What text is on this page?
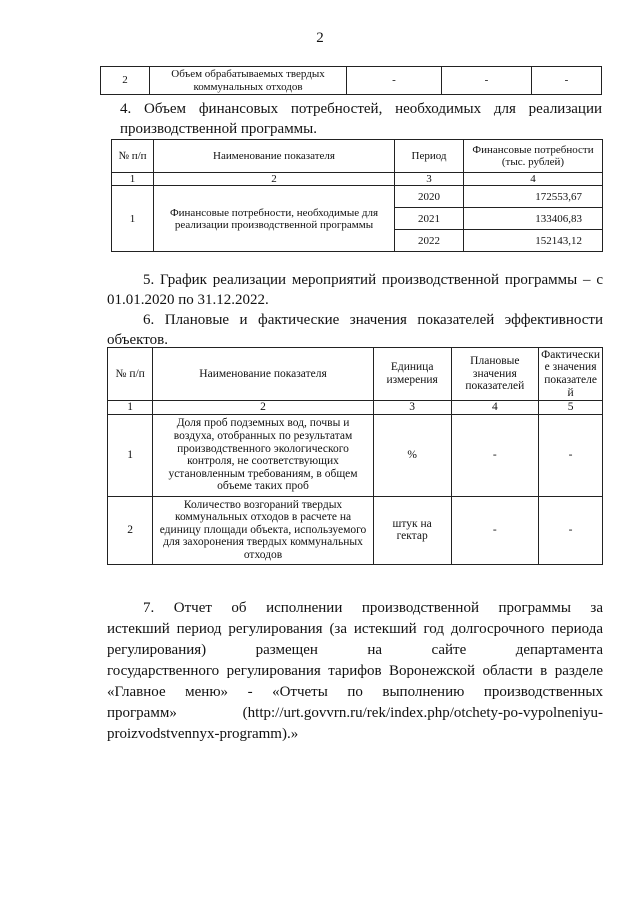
2
2	Объем обрабатываемых твердых коммунальных отходов	-	-	-
4. Объем финансовых потребностей, необходимых для реализации
производственной программы.
№ п/п	Наименование показателя	Период	Финансовые потребности (тыс. рублей)
1	2	3	4
1	Финансовые потребности, необходимые для реализации производственной программы	2020	172553,67
		2021	133406,83
		2022	152143,12
5. График реализации мероприятий производственной программы – с
01.01.2020 по 31.12.2022.
6. Плановые и фактические значения показателей эффективности
объектов.
№ п/п	Наименование показателя	Единица измерения	Плановые значения показателей	Фактически е значения показателе й
1	2	3	4	5
1	Доля проб подземных вод, почвы и воздуха, отобранных по результатам производственного экологического контроля, не соответствующих установленным требованиям, в общем объеме таких проб	%	-	-
2	Количество возгораний твердых коммунальных отходов в расчете на единицу площади объекта, используемого для захоронения твердых коммунальных отходов	штук на гектар	-	-
7. Отчет об исполнении производственной программы за
истекший период регулирования (за истекший год долгосрочного периода
регулирования) размещен на сайте департамента
государственного регулирования тарифов Воронежской области в разделе
«Главное меню» - «Отчеты по выполнению производственных
программ» (http://urt.govvrn.ru/rek/index.php/otchety-po-vypolneniyu-
proizvodstvennyx-programm).»
